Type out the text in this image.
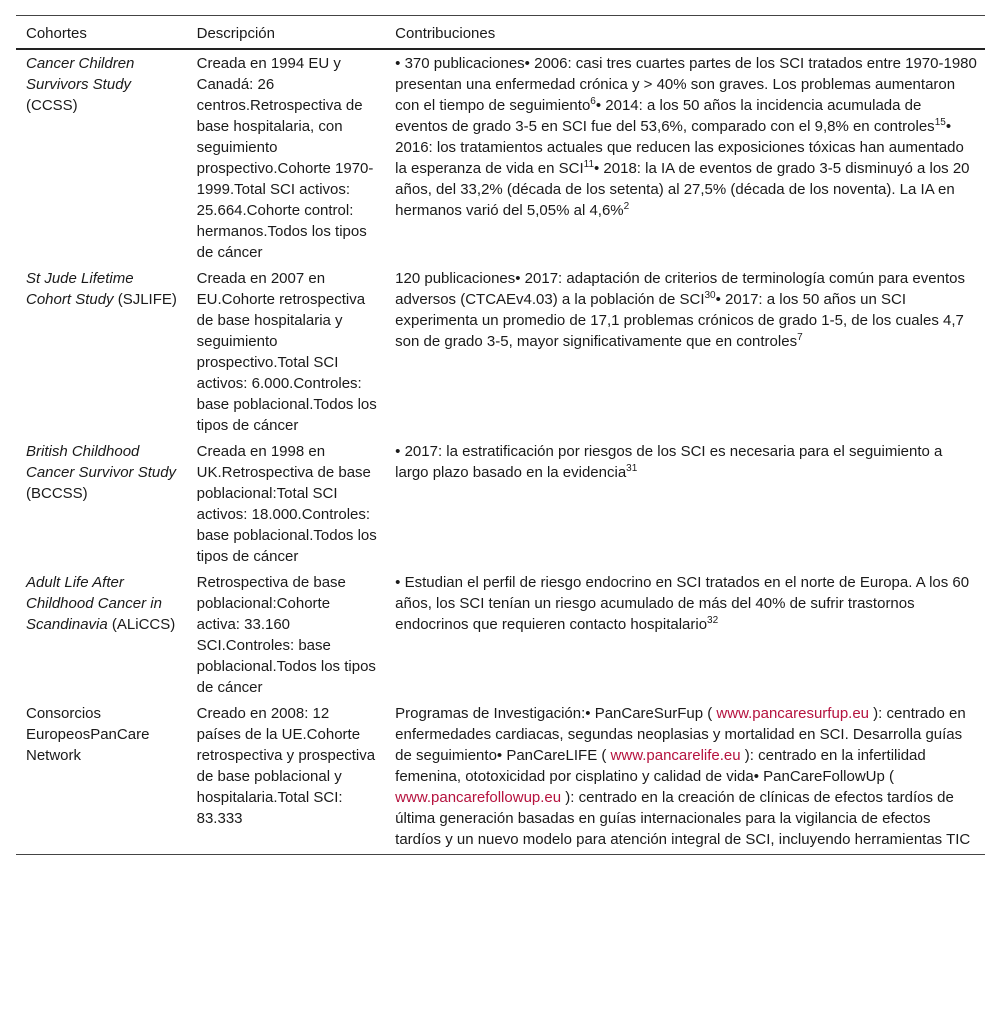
Cohortes	Descripción	Contribuciones
Cancer Children Survivors Study (CCSS)	Creada en 1994 EU y Canadá: 26 centros.Retrospectiva de base hospitalaria, con seguimiento prospectivo.Cohorte 1970-1999.Total SCI activos: 25.664.Cohorte control: hermanos.Todos los tipos de cáncer	• 370 publicaciones• 2006: casi tres cuartes partes de los SCI tratados entre 1970-1980 presentan una enfermedad crónica y > 40% son graves. Los problemas aumentaron con el tiempo de seguimiento$^6$• 2014: a los 50 años la incidencia acumulada de eventos de grado 3-5 en SCI fue del 53,6%, comparado con el 9,8% en controles$^{15}$• 2016: los tratamientos actuales que reducen las exposiciones tóxicas han aumentado la esperanza de vida en SCI$^{11}$• 2018: la IA de eventos de grado 3-5 disminuyó a los 20 años, del 33,2% (década de los setenta) al 27,5% (década de los noventa). La IA en hermanos varió del 5,05% al 4,6%$^2$
St Jude Lifetime Cohort Study (SJLIFE)	Creada en 2007 en EU.Cohorte retrospectiva de base hospitalaria y seguimiento prospectivo.Total SCI activos: 6.000.Controles: base poblacional.Todos los tipos de cáncer	120 publicaciones• 2017: adaptación de criterios de terminología común para eventos adversos (CTCAEv4.03) a la población de SCI$^{30}$• 2017: a los 50 años un SCI experimenta un promedio de 17,1 problemas crónicos de grado 1-5, de los cuales 4,7 son de grado 3-5, mayor significativamente que en controles$^7$
British Childhood Cancer Survivor Study (BCCSS)	Creada en 1998 en UK.Retrospectiva de base poblacional:Total SCI activos: 18.000.Controles: base poblacional.Todos los tipos de cáncer	• 2017: la estratificación por riesgos de los SCI es necesaria para el seguimiento a largo plazo basado en la evidencia$^{31}$
Adult Life After Childhood Cancer in Scandinavia (ALiCCS)	Retrospectiva de base poblacional:Cohorte activa: 33.160 SCI.Controles: base poblacional.Todos los tipos de cáncer	• Estudian el perfil de riesgo endocrino en SCI tratados en el norte de Europa. A los 60 años, los SCI tenían un riesgo acumulado de más del 40% de sufrir trastornos endocrinos que requieren contacto hospitalario$^{32}$
Consorcios EuropeosPanCare Network	Creado en 2008: 12 países de la UE.Cohorte retrospectiva y prospectiva de base poblacional y hospitalaria.Total SCI: 83.333	Programas de Investigación:• PanCareSurFup ( www.pancaresurfup.eu ): centrado en enfermedades cardiacas, segundas neoplasias y mortalidad en SCI. Desarrolla guías de seguimiento• PanCareLIFE ( www.pancarelife.eu ): centrado en la infertilidad femenina, ototoxicidad por cisplatino y calidad de vida• PanCareFollowUp ( www.pancarefollowup.eu ): centrado en la creación de clínicas de efectos tardíos de última generación basadas en guías internacionales para la vigilancia de efectos tardíos y un nuevo modelo para atención integral de SCI, incluyendo herramientas TIC
